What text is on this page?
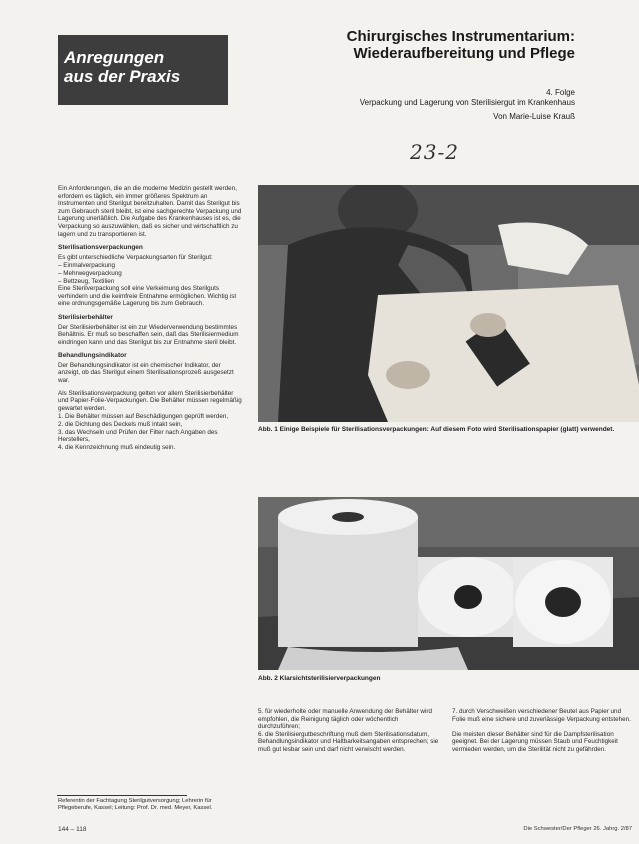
Anregungen
aus der Praxis
Chirurgisches Instrumentarium:
Wiederaufbereitung und Pflege
4. Folge
Verpackung und Lagerung von Sterilisiergut im Krankenhaus
Von Marie-Luise Krauß
23-2

Ein Anforderungen, die an die moderne Medizin gestellt werden, erfordern es täglich, ein immer größeres Spektrum an Instrumenten und Sterilgut bereitzuhalten. Damit das Sterilgut bis zum Gebrauch steril bleibt, ist eine sachgerechte Verpackung und Lagerung unerläßlich. Die Aufgabe des Krankenhauses ist es, die Verpackung so auszuwählen, daß es sicher und wirtschaftlich zu lagern und zu transportieren ist.

Sterilisationsverpackungen

Es gibt unterschiedliche Verpackungsarten für Sterilgut:

– Einmalverpackung
– Mehrwegverpackung
– Bettzeug, Textilien

Eine Sterilverpackung soll eine Verkeimung des Sterilguts verhindern und die keimfreie Entnahme ermöglichen. Wichtig ist eine ordnungsgemäße Lagerung bis zum Gebrauch.

Sterilisierbehälter

Der Sterilisierbehälter ist ein zur Wiederverwendung bestimmtes Behältnis. Er muß so beschaffen sein, daß das Sterilisiermedium eindringen kann und das Sterilgut bis zur Entnahme steril bleibt.

Behandlungsindikator

Der Behandlungsindikator ist ein chemischer Indikator, der anzeigt, ob das Sterilgut einem Sterilisationsprozeß ausgesetzt war.

Als Sterilisationsverpackung gelten vor allem Sterilisierbehälter und Papier-Folie-Verpackungen. Die Behälter müssen regelmäßig gewartet werden.

1. Die Behälter müssen auf Beschädigungen geprüft werden,
2. die Dichtung des Deckels muß intakt sein,
3. das Wechseln und Prüfen der Filter nach Angaben des Herstellers,
4. die Kennzeichnung muß eindeutig sein.
Referentin der Fachtagung Sterilgutversorgung; Lehrerin für Pflegeberufe, Kassel; Leitung: Prof. Dr. med. Meyer, Kassel.
Abb. 1 Einige Beispiele für Sterilisationsverpackungen: Auf diesem Foto wird Sterilisationspapier (glatt) verwendet.
Abb. 2 Klarsichtsterilisierverpackungen
5. für wiederholte oder manuelle Anwendung der Behälter wird empfohlen, die Reinigung täglich oder wöchentlich durchzuführen;
6. die Sterilisiergutbeschriftung muß dem Sterilisationsdatum, Behandlungsindikator und Haltbarkeitsangaben entsprechen; sie muß gut lesbar sein und darf nicht verwischt werden.
7. durch Verschweißen verschiedener Beutel aus Papier und Folie muß eine sichere und zuverlässige Verpackung entstehen.

Die meisten dieser Behälter sind für die Dampfsterilisation geeignet. Bei der Lagerung müssen Staub und Feuchtigkeit vermieden werden, um die Sterilität nicht zu gefährden.
144 – 118	Die Schwester/Der Pfleger 26. Jahrg. 2/87
